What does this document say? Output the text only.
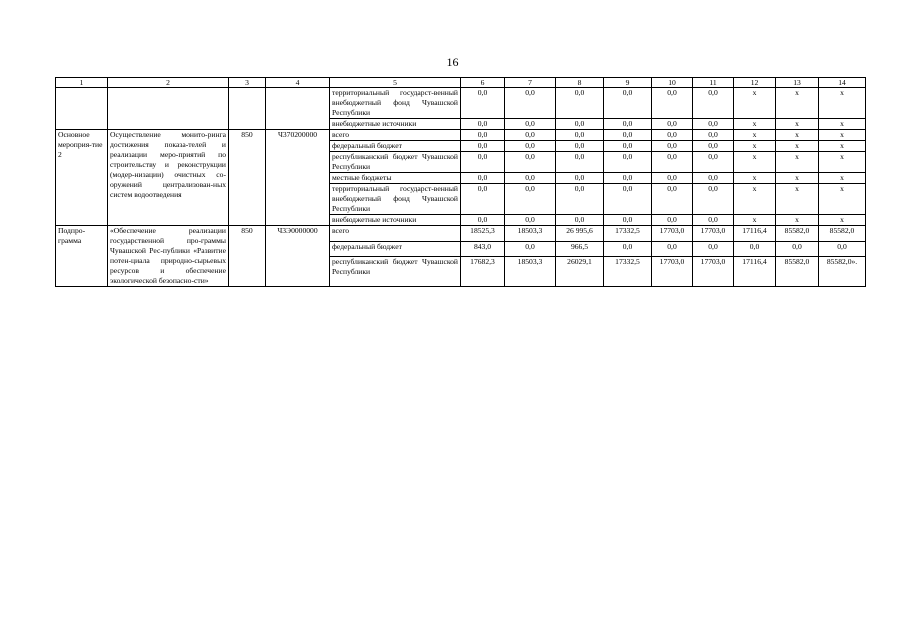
16
1	2	3	4	5	6	7	8	9	10	11	12	13	14
				территориальный государст-венный внебюджетный фонд Чувашской Республики	0,0	0,0	0,0	0,0	0,0	0,0	x	x	x
				внебюджетные источники	0,0	0,0	0,0	0,0	0,0	0,0	x	x	x
Основное мероприя-тие 2	Осуществление монито-ринга достижения показа-телей и реализации меро-приятий по строительству и реконструкции (модер-низации) очистных со-оружений централизован-ных систем водоотведения	850	Ч370200000	всего	0,0	0,0	0,0	0,0	0,0	0,0	x	x	x
				федеральный бюджет	0,0	0,0	0,0	0,0	0,0	0,0	x	x	x
				республиканский бюджет Чувашской Республики	0,0	0,0	0,0	0,0	0,0	0,0	x	x	x
				местные бюджеты	0,0	0,0	0,0	0,0	0,0	0,0	x	x	x
				территориальный государст-венный внебюджетный фонд Чувашской Республики	0,0	0,0	0,0	0,0	0,0	0,0	x	x	x
				внебюджетные источники	0,0	0,0	0,0	0,0	0,0	0,0	x	x	x
Подпро-грамма	«Обеспечение реализации государственной про-граммы Чувашской Рес-публики «Развитие потен-циала природно-сырьевых ресурсов и обеспечение экологической безопасно-сти»	850	Ч3Э0000000	всего	18525,3	18503,3	26 995,6	17332,5	17703,0	17703,0	17116,4	85582,0	85582,0
				федеральный бюджет	843,0	0,0	966,5	0,0	0,0	0,0	0,0	0,0	0,0
				республиканский бюджет Чувашской Республики	17682,3	18503,3	26029,1	17332,5	17703,0	17703,0	17116,4	85582,0	85582,0».
